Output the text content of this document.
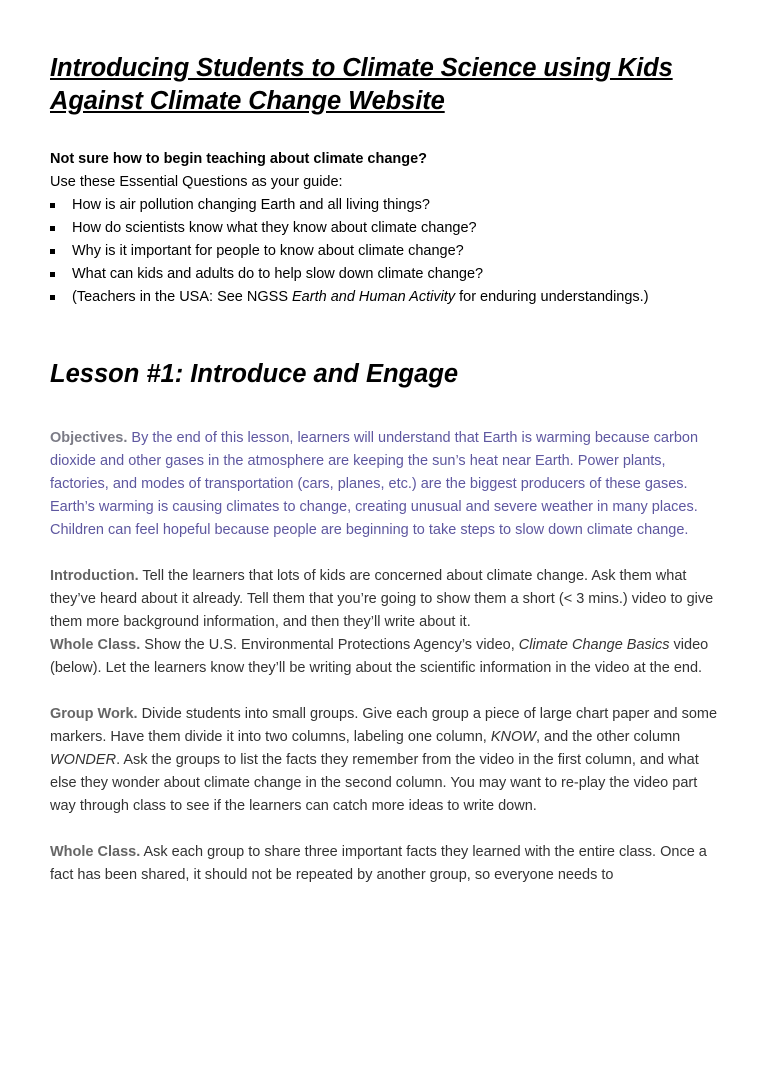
Introducing Students to Climate Science using Kids Against Climate Change Website
Not sure how to begin teaching about climate change?
Use these Essential Questions as your guide:
How is air pollution changing Earth and all living things?
How do scientists know what they know about climate change?
Why is it important for people to know about climate change?
What can kids and adults do to help slow down climate change?
(Teachers in the USA: See NGSS Earth and Human Activity for enduring understandings.)
Lesson #1: Introduce and Engage

Objectives. By the end of this lesson, learners will understand that Earth is warming because carbon dioxide and other gases in the atmosphere are keeping the sun’s heat near Earth. Power plants, factories, and modes of transportation (cars, planes, etc.) are the biggest producers of these gases. Earth’s warming is causing climates to change, creating unusual and severe weather in many places. Children can feel hopeful because people are beginning to take steps to slow down climate change.

Introduction. Tell the learners that lots of kids are concerned about climate change. Ask them what they’ve heard about it already. Tell them that you’re going to show them a short (< 3 mins.) video to give them more background information, and then they’ll write about it.

Whole Class. Show the U.S. Environmental Protections Agency’s video, Climate Change Basics video (below). Let the learners know they’ll be writing about the scientific information in the video at the end.

Group Work. Divide students into small groups. Give each group a piece of large chart paper and some markers. Have them divide it into two columns, labeling one column, KNOW, and the other column WONDER. Ask the groups to list the facts they remember from the video in the first column, and what else they wonder about climate change in the second column. You may want to re-play the video part way through class to see if the learners can catch more ideas to write down.

Whole Class. Ask each group to share three important facts they learned with the entire class. Once a fact has been shared, it should not be repeated by another group, so everyone needs to
